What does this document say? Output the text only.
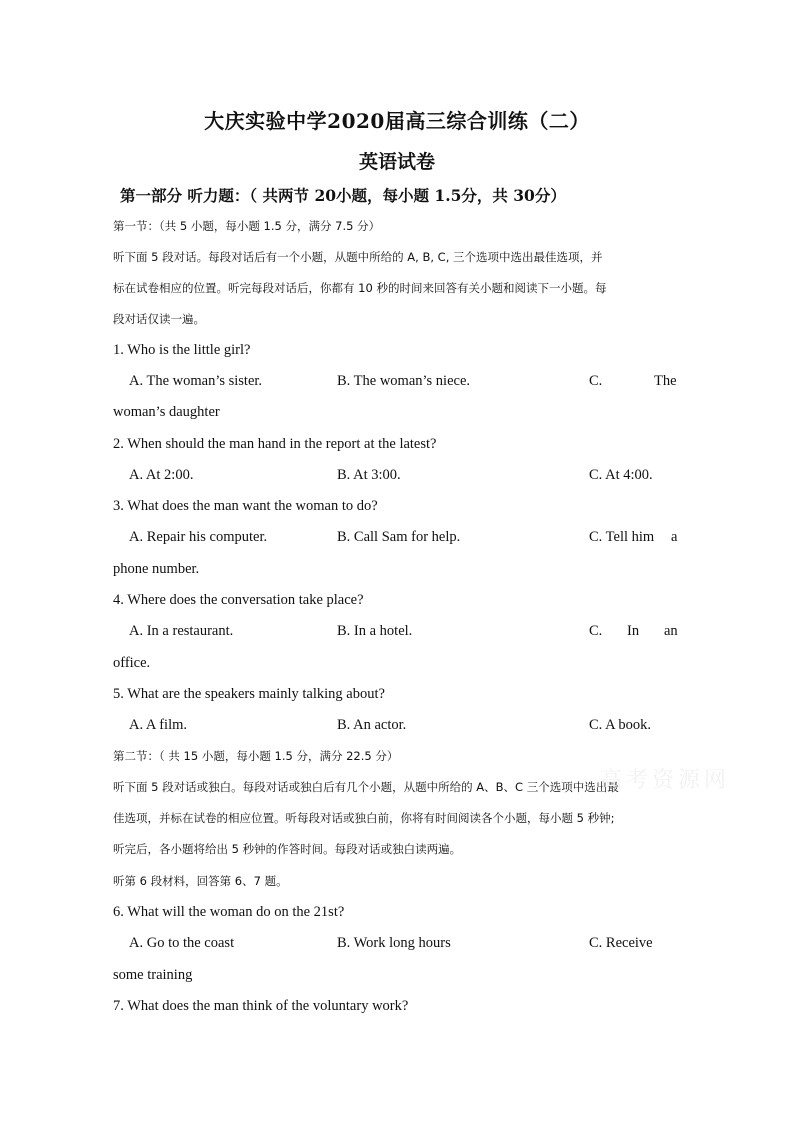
大庆实验中学2020届高三综合训练（二）
英语试卷
第一部分 听力题：（ 共两节 20小题，每小题 1.5分，共 30分）
第一节：（共 5 小题，每小题 1.5 分，满分 7.5 分）
听下面 5 段对话。每段对话后有一个小题，从题中所给的 A, B, C, 三个选项中选出最佳选项，并
标在试卷相应的位置。听完每段对话后，你都有 10 秒的时间来回答有关小题和阅读下一小题。每
段对话仅读一遍。
1. Who is the little girl?
A. The woman’s sister.	B. The woman’s niece.	C.	The
woman’s daughter
2. When should the man hand in the report at the latest?
A. At 2:00.	B. At 3:00.	C. At 4:00.
3. What does the man want the woman to do?
A. Repair his computer.	B. Call Sam for help.	C. Tell him a
phone number.
4. Where does the conversation take place?
A. In a restaurant.	B. In a hotel.	C. In an
office.
5. What are the speakers mainly talking about?
A. A film.	B. An actor.	C. A book.
第二节：（ 共 15 小题，每小题 1.5 分，满分 22.5 分）
听下面 5 段对话或独白。每段对话或独白后有几个小题，从题中所给的 A、B、C 三个选项中选出最
佳选项，并标在试卷的相应位置。听每段对话或独白前，你将有时间阅读各个小题，每小题 5 秒钟;
听完后，各小题将给出 5 秒钟的作答时间。每段对话或独白读两遍。
听第 6 段材料，回答第 6、7 题。
6. What will the woman do on the 21st?
A. Go to the coast	B. Work long hours	C. Receive
some training
7. What does the man think of the voluntary work?
高考资源网
